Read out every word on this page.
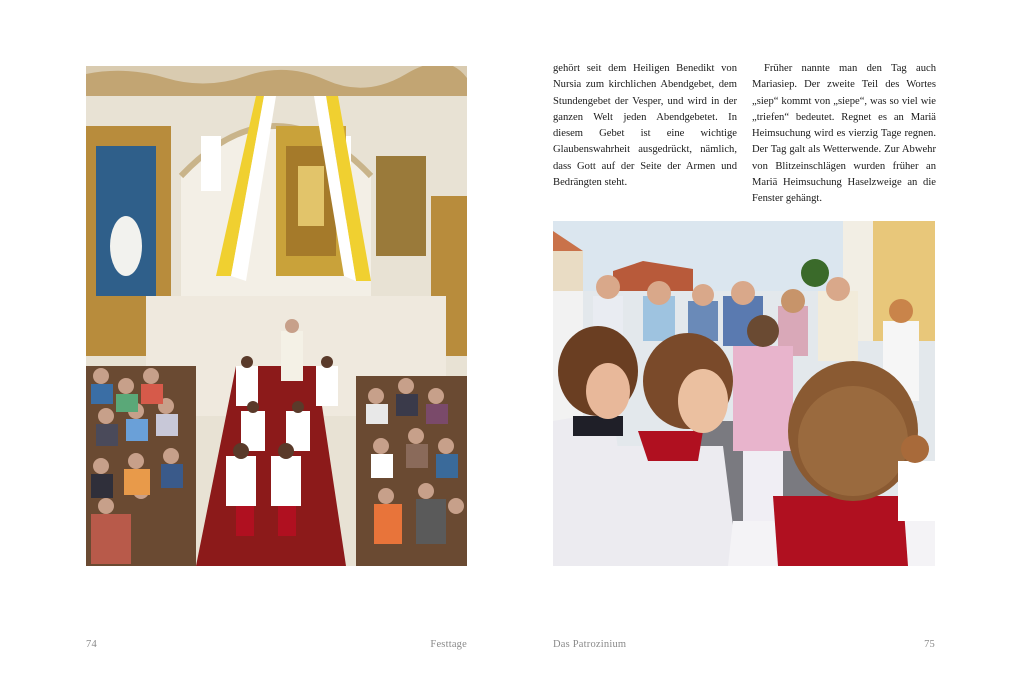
74	Festtage

gehört seit dem Heiligen Benedikt von Nursia zum kirchlichen Abendgebet, dem Stundengebet der Vesper, und wird in der ganzen Welt jeden Abendgebetet. In diesem Gebet ist eine wichtige Glaubenswahrheit ausgedrückt, nämlich, dass Gott auf der Seite der Armen und Bedrängten steht.

Früher nannte man den Tag auch Mariasiep. Der zweite Teil des Wortes „siep“ kommt von „siepe“, was so viel wie „triefen“ bedeutet. Regnet es an Mariä Heimsuchung wird es vierzig Tage regnen. Der Tag galt als Wetterwende. Zur Abwehr von Blitzeinschlägen wurden früher an Mariä Heimsuchung Haselzweige an die Fenster gehängt.

Das Patrozinium	75
